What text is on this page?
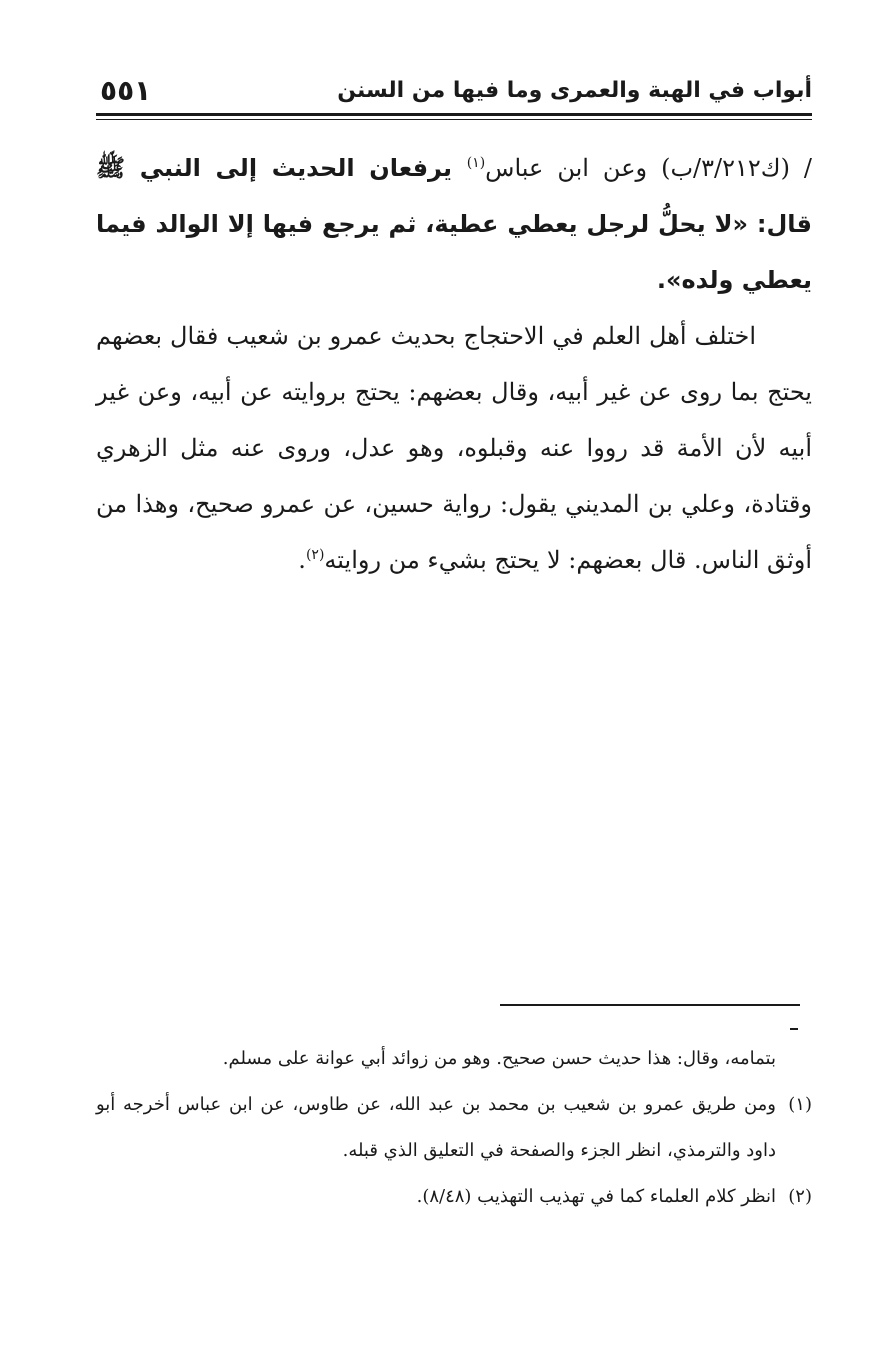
٥٥١	أبواب في الهبة والعمرى وما فيها من السنن

/ (ك٣/٢١٢/ب) وعن ابن عباس$^{(١)}$ يرفعان الحديث إلى النبي ﷺ قال: «لا يحلُّ لرجل يعطي عطية، ثم يرجع فيها إلا الوالد فيما يعطي ولده».

اختلف أهل العلم في الاحتجاج بحديث عمرو بن شعيب فقال بعضهم يحتج بما روى عن غير أبيه، وقال بعضهم: يحتج بروايته عن أبيه، وعن غير أبيه لأن الأمة قد رووا عنه وقبلوه، وهو عدل، وروى عنه مثل الزهري وقتادة، وعلي بن المديني يقول: رواية حسين، عن عمرو صحيح، وهذا من أوثق الناس. قال بعضهم: لا يحتج بشيء من روايته$^{(٢)}$.

بتمامه، وقال: هذا حديث حسن صحيح. وهو من زوائد أبي عوانة على مسلم.

(١)ومن طريق عمرو بن شعيب بن محمد بن عبد الله، عن طاوس، عن ابن عباس أخرجه أبو داود والترمذي، انظر الجزء والصفحة في التعليق الذي قبله.

(٢)انظر كلام العلماء كما في تهذيب التهذيب (٨/٤٨).
